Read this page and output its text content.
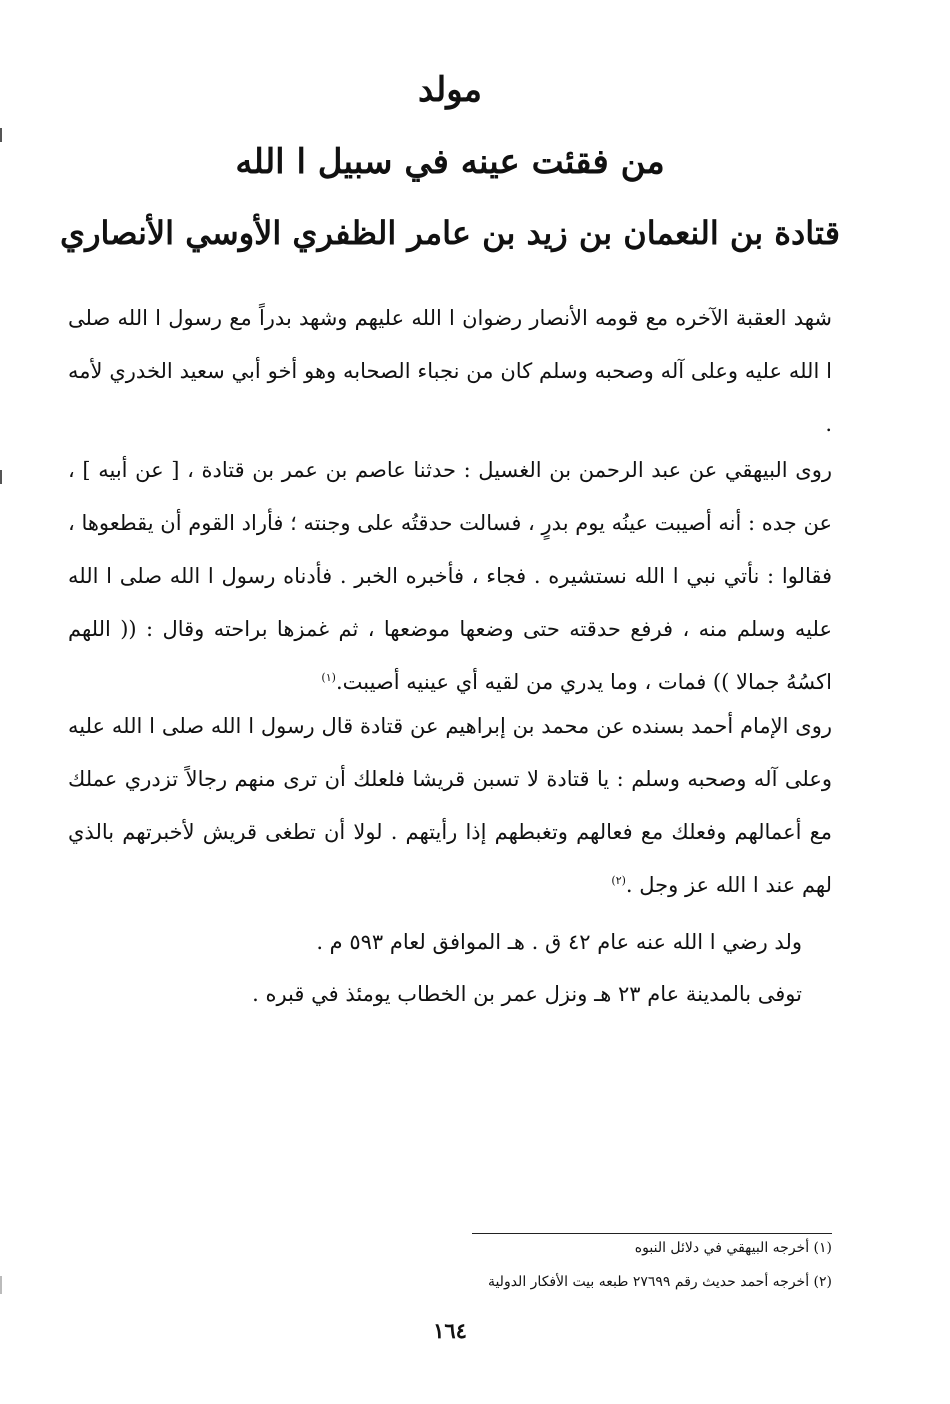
مولد
من فقئت عينه في سبيل ا الله
قتادة بن النعمان بن زيد بن عامر الظفري الأوسي الأنصاري

شهد العقبة الآخره مع قومه الأنصار رضوان ا الله عليهم وشهد بدراً مع رسول ا الله صلى ا الله عليه وعلى آله وصحبه وسلم كان من نجباء الصحابه وهو أخو أبي سعيد الخدري لأمه .

روى البيهقي عن عبد الرحمن بن الغسيل : حدثنا عاصم بن عمر بن قتادة ، [ عن أبيه ] ، عن جده : أنه أصيبت عينُه يوم بدرٍ ، فسالت حدقتُه على وجنته ؛ فأراد القوم أن يقطعوها ، فقالوا : نأتي نبي ا الله نستشيره . فجاء ، فأخبره الخبر . فأدناه رسول ا الله صلى ا الله عليه وسلم منه ، فرفع حدقته حتى وضعها موضعها ، ثم غمزها براحته وقال : (( اللهم اكسُهُ جمالا )) فمات ، وما يدري من لقيه أي عينيه أصيبت.$^{(١)}$

روى الإمام أحمد بسنده عن محمد بن إبراهيم عن قتادة قال رسول ا الله صلى ا الله عليه وعلى آله وصحبه وسلم : يا قتادة لا تسبن قريشا فلعلك أن ترى منهم رجالاً تزدري عملك مع أعمالهم وفعلك مع فعالهم وتغبطهم إذا رأيتهم . لولا أن تطغى قريش لأخبرتهم بالذي لهم عند ا الله عز وجل .$^{(٢)}$

ولد رضي ا الله عنه عام ٤٢ ق . هـ الموافق لعام ٥٩٣ م .

توفى بالمدينة عام ٢٣ هـ ونزل عمر بن الخطاب يومئذ في قبره .

١٦٤

(١) أخرجه البيهقي في دلائل النبوه

(٢) أخرجه أحمد حديث رقم ٢٧٦٩٩ طبعه بيت الأفكار الدولية
